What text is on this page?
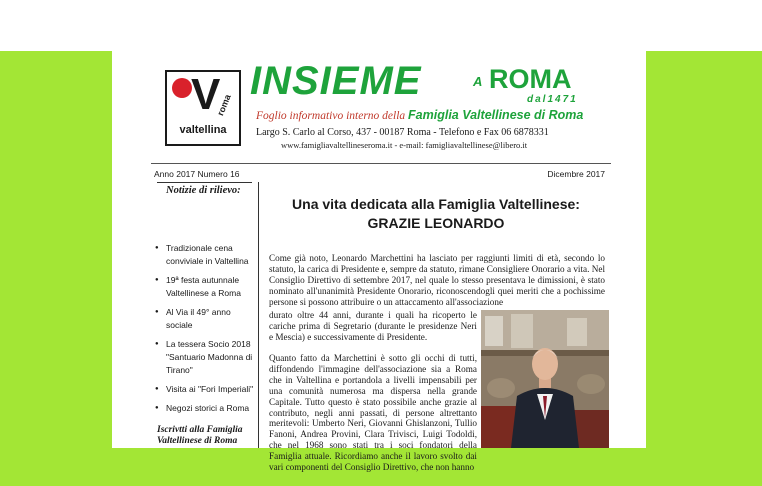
V
roma
valtellina
INSIEME	A ROMA
dal1471
Foglio informativo interno della Famiglia Valtellinese di Roma
Largo S. Carlo al Corso, 437 - 00187 Roma - Telefono e Fax 06 6878331
www.famigliavaltellineseroma.it - e-mail: famigliavaltellinese@libero.it
Anno 2017 Numero 16	Dicembre 2017
Notizie di rilievo:
● Tradizionale cena conviviale in Valtellina
● 19ª festa autunnale Valtellinese a Roma
● Al Via il 49° anno sociale
● La tessera Socio 2018 "Santuario Madonna di Tirano"
● Visita ai "Fori Imperiali"
● Negozi storici a Roma
Iscrivtti alla Famiglia Valtellinese di Roma
Una vita dedicata alla Famiglia Valtellinese:
GRAZIE LEONARDO

Come già noto, Leonardo Marchettini ha lasciato per raggiunti limiti di età, secondo lo statuto, la carica di Presidente e, sempre da statuto, rimane Consigliere Onorario a vita. Nel Consiglio Direttivo di settembre 2017, nel quale lo stesso presentava le dimissioni, è stato nominato all'unanimità Presidente Onorario, riconoscendogli quei meriti che a pochissime persone si possono attribuire o un attaccamento all'associazione

durato oltre 44 anni, durante i quali ha ricoperto le cariche prima di Segretario (durante le presidenze Neri e Mescia) e successivamente di Presidente.

Quanto fatto da Marchettini è sotto gli occhi di tutti, diffondendo l'immagine dell'associazione sia a Roma che in Valtellina e portandola a livelli impensabili per una comunità numerosa ma dispersa nella grande Capitale. Tutto questo è stato possibile anche grazie al contributo, negli anni passati, di persone altrettanto meritevoli: Umberto Neri, Giovanni Ghislanzoni, Tullio Fanoni, Andrea Provini, Clara Trivisci, Luigi Todoldi, che nel 1968 sono stati tra i soci fondatori della Famiglia attuale. Ricordiamo anche il lavoro svolto dai vari componenti del Consiglio Direttivo, che non hanno
